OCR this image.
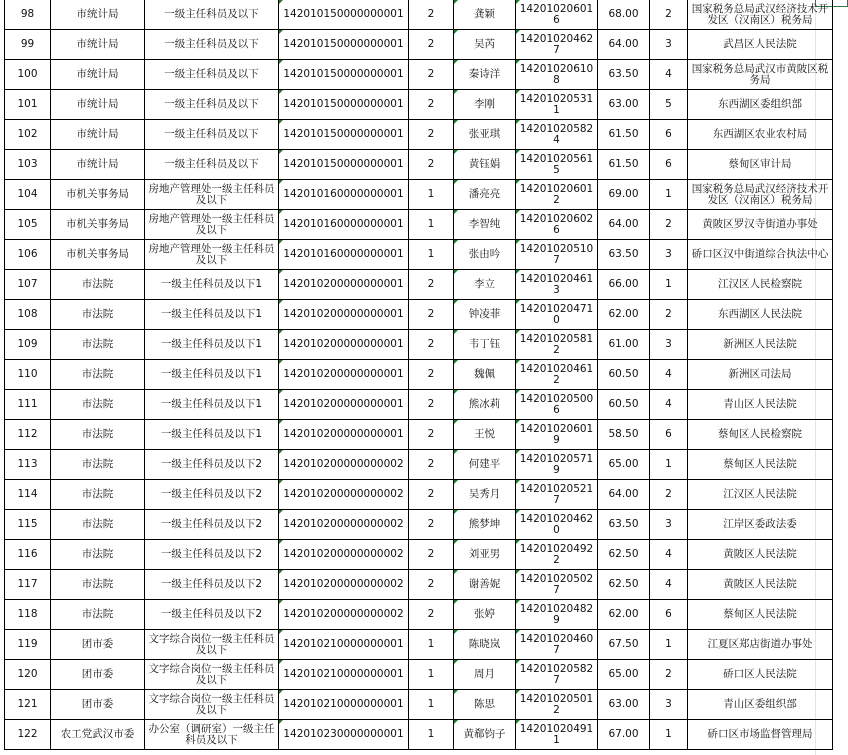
98	市统计局	一级主任科员及以下	142010150000000001	2	龚颖	142010206016	68.00	2	国家税务总局武汉经济技术开发区（汉南区）税务局
99	市统计局	一级主任科员及以下	142010150000000001	2	吴芮	142010204627	64.00	3	武昌区人民法院
100	市统计局	一级主任科员及以下	142010150000000001	2	秦诗洋	142010206108	63.50	4	国家税务总局武汉市黄陂区税务局
101	市统计局	一级主任科员及以下	142010150000000001	2	李刚	142010205311	63.00	5	东西湖区委组织部
102	市统计局	一级主任科员及以下	142010150000000001	2	张亚琪	142010205824	61.50	6	东西湖区农业农村局
103	市统计局	一级主任科员及以下	142010150000000001	2	黄钰娟	142010205615	61.50	6	蔡甸区审计局
104	市机关事务局	房地产管理处一级主任科员及以下	142010160000000001	1	潘亮亮	142010206012	69.00	1	国家税务总局武汉经济技术开发区（汉南区）税务局
105	市机关事务局	房地产管理处一级主任科员及以下	142010160000000001	1	李智纯	142010206026	64.00	2	黄陂区罗汉寺街道办事处
106	市机关事务局	房地产管理处一级主任科员及以下	142010160000000001	1	张由吟	142010205107	63.50	3	硚口区汉中街道综合执法中心
107	市法院	一级主任科员及以下1	142010200000000001	2	李立	142010204613	66.00	1	江汉区人民检察院
108	市法院	一级主任科员及以下1	142010200000000001	2	钟凌菲	142010204710	62.00	2	东西湖区人民法院
109	市法院	一级主任科员及以下1	142010200000000001	2	韦丁钰	142010205812	61.00	3	新洲区人民法院
110	市法院	一级主任科员及以下1	142010200000000001	2	魏佩	142010204612	60.50	4	新洲区司法局
111	市法院	一级主任科员及以下1	142010200000000001	2	熊冰莉	142010205006	60.50	4	青山区人民法院
112	市法院	一级主任科员及以下1	142010200000000001	2	王悦	142010206019	58.50	6	蔡甸区人民检察院
113	市法院	一级主任科员及以下2	142010200000000002	2	何建平	142010205719	65.00	1	蔡甸区人民法院
114	市法院	一级主任科员及以下2	142010200000000002	2	吴秀月	142010205217	64.00	2	江汉区人民法院
115	市法院	一级主任科员及以下2	142010200000000002	2	熊梦坤	142010204620	63.50	3	江岸区委政法委
116	市法院	一级主任科员及以下2	142010200000000002	2	刘亚男	142010204922	62.50	4	黄陂区人民法院
117	市法院	一级主任科员及以下2	142010200000000002	2	谢善妮	142010205027	62.50	4	黄陂区人民法院
118	市法院	一级主任科员及以下2	142010200000000002	2	张婷	142010204829	62.00	6	蔡甸区人民法院
119	团市委	文字综合岗位一级主任科员及以下	142010210000000001	1	陈晓岚	142010204607	67.50	1	江夏区郑店街道办事处
120	团市委	文字综合岗位一级主任科员及以下	142010210000000001	1	周月	142010205827	65.00	2	硚口区人民法院
121	团市委	文字综合岗位一级主任科员及以下	142010210000000001	1	陈思	142010205012	63.00	3	青山区委组织部
122	农工党武汉市委	办公室（调研室）一级主任科员及以下	142010230000000001	1	黄郗钧子	142010204911	67.00	1	硚口区市场监督管理局
